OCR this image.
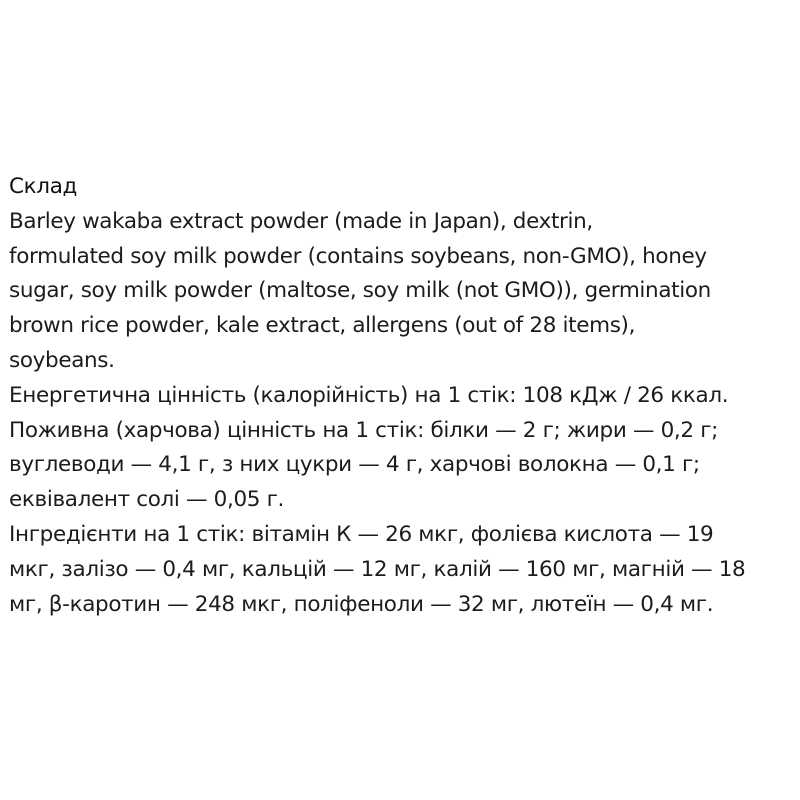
Склад
Barley wakaba extract powder (made in Japan), dextrin,
formulated soy milk powder (contains soybeans, non-GMO), honey
sugar, soy milk powder (maltose, soy milk (not GMO)), germination
brown rice powder, kale extract, allergens (out of 28 items),
soybeans.
Енергетична цінність (калорійність) на 1 стік: 108 кДж / 26 ккал.
Поживна (харчова) цінність на 1 стік: білки — 2 г; жири — 0,2 г;
вуглеводи — 4,1 г, з них цукри — 4 г, харчові волокна — 0,1 г;
еквівалент солі — 0,05 г.
Інгредієнти на 1 стік: вітамін К — 26 мкг, фолієва кислота — 19
мкг, залізо — 0,4 мг, кальцій — 12 мг, калій — 160 мг, магній — 18
мг, β-каротин — 248 мкг, поліфеноли — 32 мг, лютеїн — 0,4 мг.
